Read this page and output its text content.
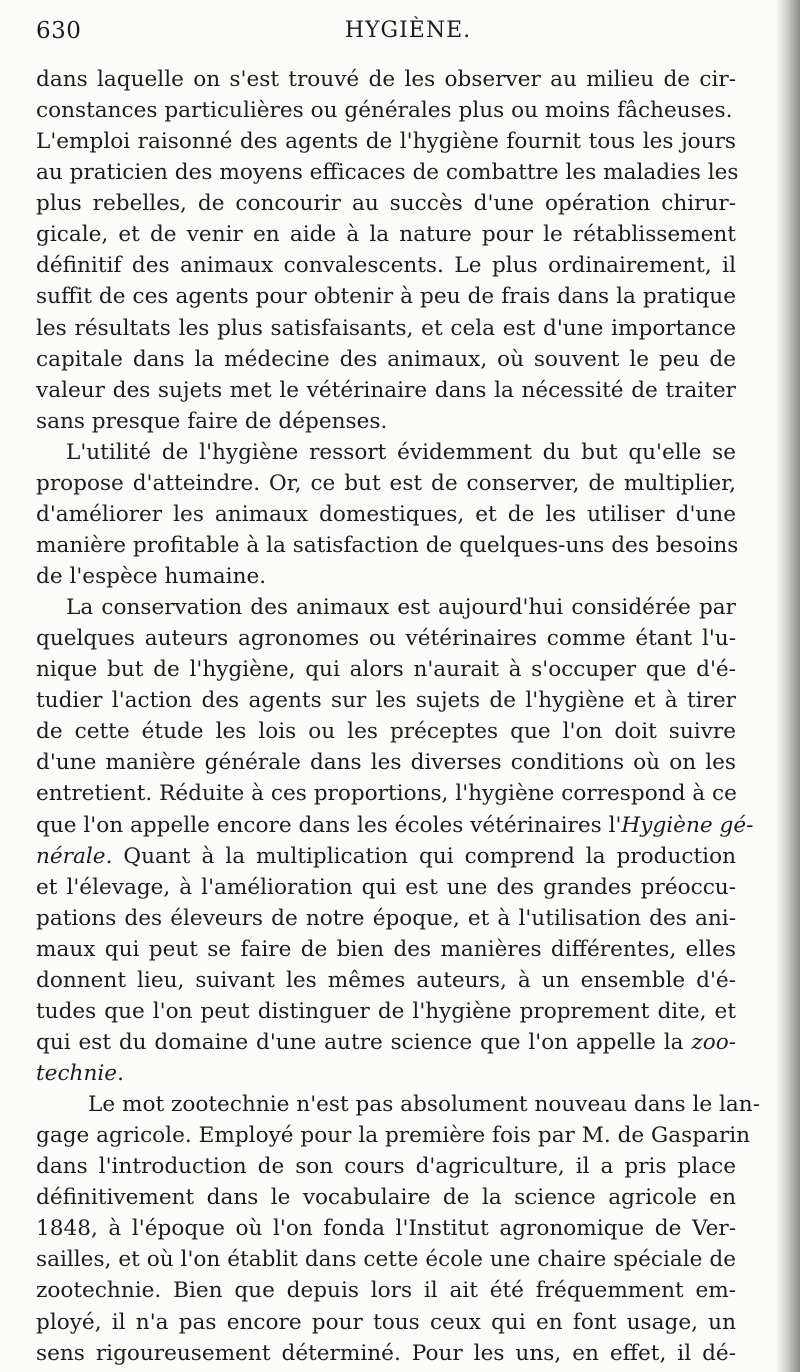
630	HYGIÈNE.
dans laquelle on s'est trouvé de les observer au milieu de cir-
constances particulières ou générales plus ou moins fâcheuses.
L'emploi raisonné des agents de l'hygiène fournit tous les jours
au praticien des moyens efficaces de combattre les maladies les
plus rebelles, de concourir au succès d'une opération chirur-
gicale, et de venir en aide à la nature pour le rétablissement
définitif des animaux convalescents. Le plus ordinairement, il
suffit de ces agents pour obtenir à peu de frais dans la pratique
les résultats les plus satisfaisants, et cela est d'une importance
capitale dans la médecine des animaux, où souvent le peu de
valeur des sujets met le vétérinaire dans la nécessité de traiter
sans presque faire de dépenses.
L'utilité de l'hygiène ressort évidemment du but qu'elle se
propose d'atteindre. Or, ce but est de conserver, de multiplier,
d'améliorer les animaux domestiques, et de les utiliser d'une
manière profitable à la satisfaction de quelques-uns des besoins
de l'espèce humaine.
La conservation des animaux est aujourd'hui considérée par
quelques auteurs agronomes ou vétérinaires comme étant l'u-
nique but de l'hygiène, qui alors n'aurait à s'occuper que d'é-
tudier l'action des agents sur les sujets de l'hygiène et à tirer
de cette étude les lois ou les préceptes que l'on doit suivre
d'une manière générale dans les diverses conditions où on les
entretient. Réduite à ces proportions, l'hygiène correspond à ce
que l'on appelle encore dans les écoles vétérinaires l'Hygiène gé-
nérale. Quant à la multiplication qui comprend la production
et l'élevage, à l'amélioration qui est une des grandes préoccu-
pations des éleveurs de notre époque, et à l'utilisation des ani-
maux qui peut se faire de bien des manières différentes, elles
donnent lieu, suivant les mêmes auteurs, à un ensemble d'é-
tudes que l'on peut distinguer de l'hygiène proprement dite, et
qui est du domaine d'une autre science que l'on appelle la zoo-
technie.
Le mot zootechnie n'est pas absolument nouveau dans le lan-
gage agricole. Employé pour la première fois par M. de Gasparin
dans l'introduction de son cours d'agriculture, il a pris place
définitivement dans le vocabulaire de la science agricole en
1848, à l'époque où l'on fonda l'Institut agronomique de Ver-
sailles, et où l'on établit dans cette école une chaire spéciale de
zootechnie. Bien que depuis lors il ait été fréquemment em-
ployé, il n'a pas encore pour tous ceux qui en font usage, un
sens rigoureusement déterminé. Pour les uns, en effet, il dé-
